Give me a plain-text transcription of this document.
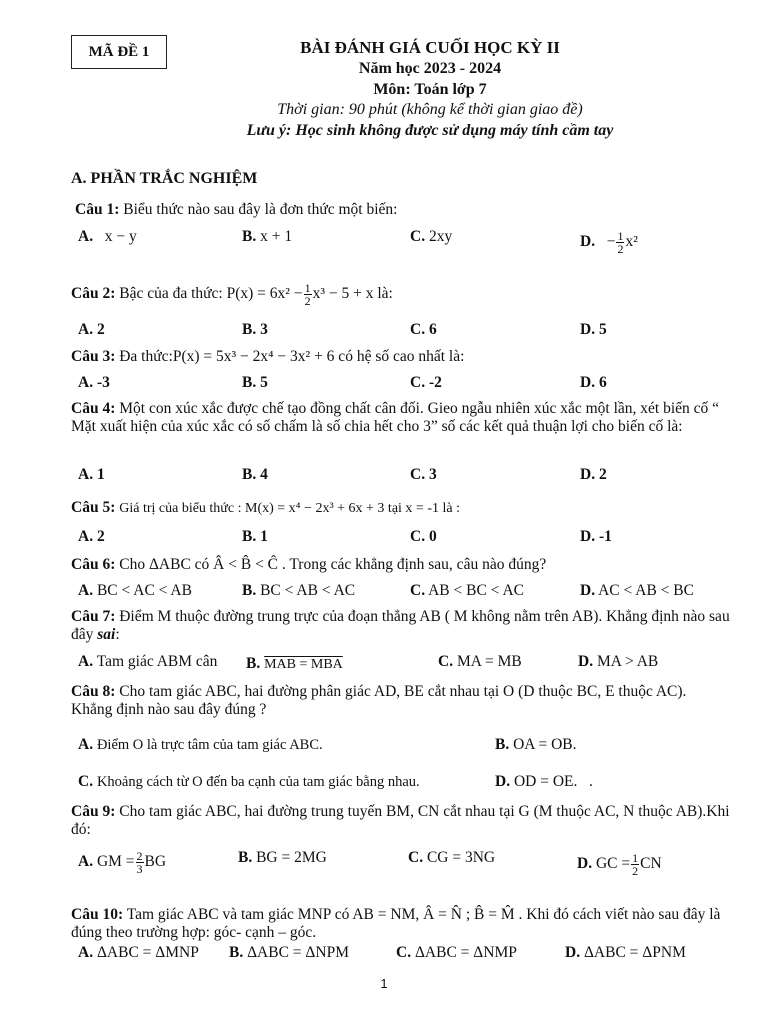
MÃ ĐỀ 1	BÀI ĐÁNH GIÁ CUỐI HỌC KỲ II
Năm học 2023 - 2024
Môn: Toán lớp 7
Thời gian: 90 phút (không kể thời gian giao đề)
Lưu ý: Học sinh không được sử dụng máy tính cầm tay
A. PHẦN TRẮC NGHIỆM
Câu 1: Biểu thức nào sau đây là đơn thức một biến:
A. x − y	B. x + 1	C. 2xy	D.   − $\frac{1}{2} x^2$
Câu 2: Bậc của đa thức: $P(x) = 6x^2 - \frac{1}{2} x^3 - 5 + x$ là:
A. 2	B. 3	C. 6	D. 5
Câu 3: Đa thức:P(x) = 5x³ − 2x⁴ − 3x² + 6 có hệ số cao nhất là:
A. -3	B. 5	C. -2	D. 6
Câu 4: Một con xúc xắc được chế tạo đồng chất cân đối. Gieo ngẫu nhiên xúc xắc một lần, xét biến cố “ Mặt xuất hiện của xúc xắc có số chấm là số chia hết cho 3” số các kết quả thuận lợi cho biến cố là:
A. 1	B. 4	C. 3	D. 2
Câu 5: Giá trị của biểu thức : M(x) = x⁴ − 2x³ + 6x + 3 tại x = -1 là :
A. 2	B. 1	C. 0	D. -1
Câu 6: Cho ΔABC có Â < B̂ < Ĉ . Trong các khẳng định sau, câu nào đúng?
A. BC < AC < AB	B. BC < AB < AC	C. AB < BC < AC	D. AC < AB < BC
Câu 7: Điểm M thuộc đường trung trực của đoạn thẳng AB ( M không nằm trên AB). Khẳng định nào sau đây sai:
A. Tam giác ABM cân B. MAB = MBA	C. MA = MB	D. MA > AB
Câu 8: Cho tam giác ABC, hai đường phân giác AD, BE cắt nhau tại O (D thuộc BC, E thuộc AC). Khẳng định nào sau đây đúng ?
A. Điểm O là trực tâm của tam giác ABC.	B. OA = OB.
C. Khoảng cách từ O đến ba cạnh của tam giác bằng nhau.	D. OD = OE. .
Câu 9: Cho tam giác ABC, hai đường trung tuyến BM, CN cắt nhau tại G (M thuộc AC, N thuộc AB).Khi đó:
A. GM = $\frac{2}{3}$ BG	B. BG = 2MG	C. CG = 3NG	D. GC = $\frac{1}{2}$ CN
Câu 10: Tam giác ABC và tam giác MNP có AB = NM, Â = N̂ ; B̂ = M̂ . Khi đó cách viết nào sau đây là đúng theo trường hợp: góc- cạnh – góc.
A. ΔABC = ΔMNP B. ΔABC = ΔNPM	C. ΔABC = ΔNMP	D. ΔABC = ΔPNM
1
